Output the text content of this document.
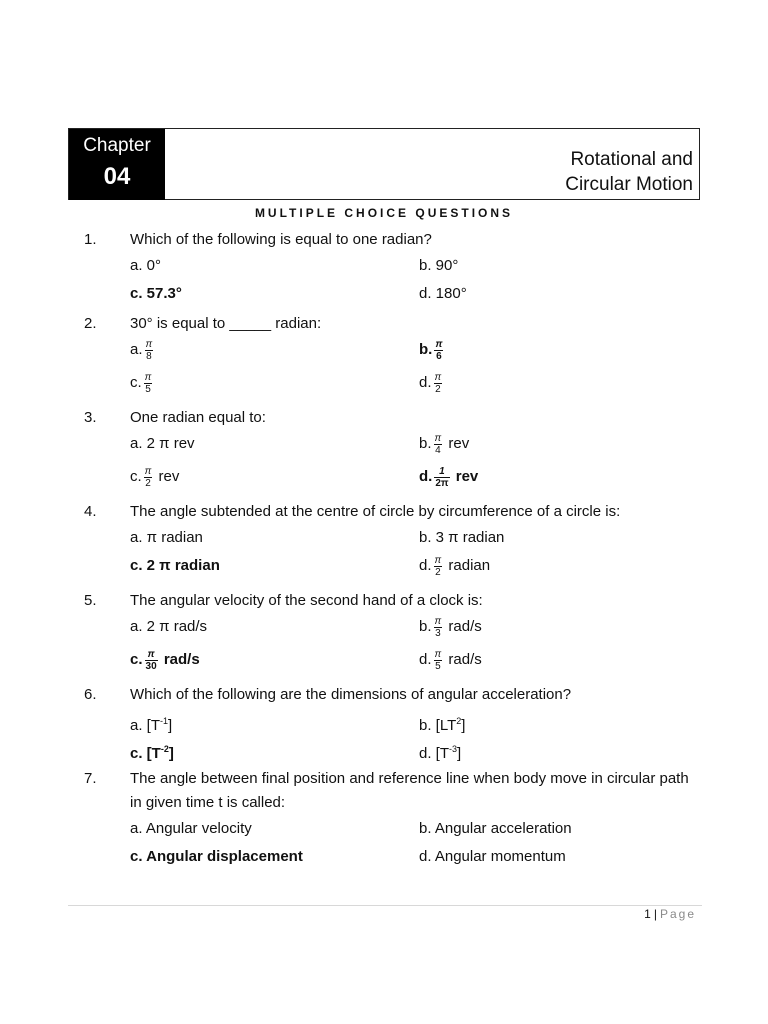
Chapter
04
Rotational and
Circular Motion
MULTIPLE CHOICE QUESTIONS
1. Which of the following is equal to one radian?
a. 0°	b. 90°
c. 57.3°	d. 180°
2. 30° is equal to _____ radian:
a. $\frac{\pi}{8}$	b. $\frac{\pi}{6}$
c. $\frac{\pi}{5}$	d. $\frac{\pi}{2}$
3. One radian equal to:
a. 2 π rev	b. $\frac{\pi}{4}$ rev
c. $\frac{\pi}{2}$ rev	d. $\frac{1}{2\pi}$ rev
4. The angle subtended at the centre of circle by circumference of a circle is:
a. π radian	b. 3 π radian
c. 2 π radian	d. $\frac{\pi}{2}$ radian
5. The angular velocity of the second hand of a clock is:
a. 2 π rad/s	b. $\frac{\pi}{3} rad/s$
c. $\frac{\pi}{30} rad/s$	d. $\frac{\pi}{5} rad/s$
6. Which of the following are the dimensions of angular acceleration?
a. $[T^{-1}]$	b. $[LT^2]$
c. $[T^{-2}]$	d. $[T^{-3}]$
7. The angle between final position and reference line when body move in circular path in given time t is called:
a. Angular velocity	b. Angular acceleration
c. Angular displacement	d. Angular momentum
1 | Page
